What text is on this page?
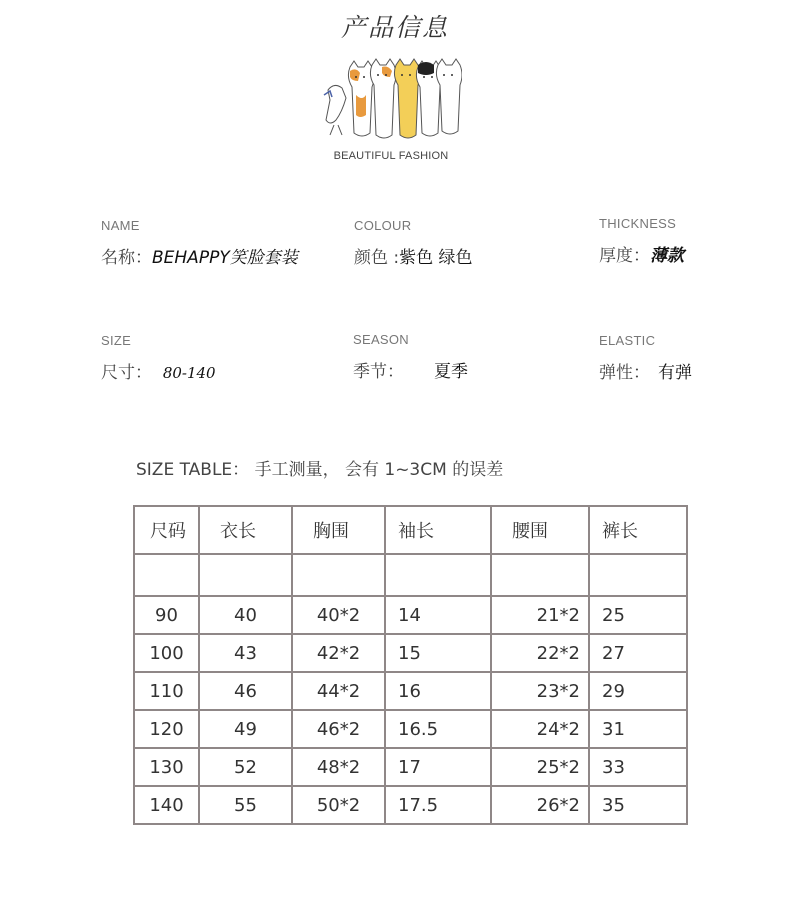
产品信息
BEAUTIFUL FASHION
NAME
名称：BEHAPPY笑脸套装
COLOUR
颜色 :紫色 绿色
THICKNESS
厚度：薄款
SIZE
尺寸： 80-140
SEASON
季节： 夏季
ELASTIC
弹性： 有弹
SIZE TABLE： 手工测量， 会有 1~3CM 的误差
尺码	衣长	胸围	袖长	腰围	裤长

90	40	40*2	14	21*2	25
100	43	42*2	15	22*2	27
110	46	44*2	16	23*2	29
120	49	46*2	16.5	24*2	31
130	52	48*2	17	25*2	33
140	55	50*2	17.5	26*2	35
